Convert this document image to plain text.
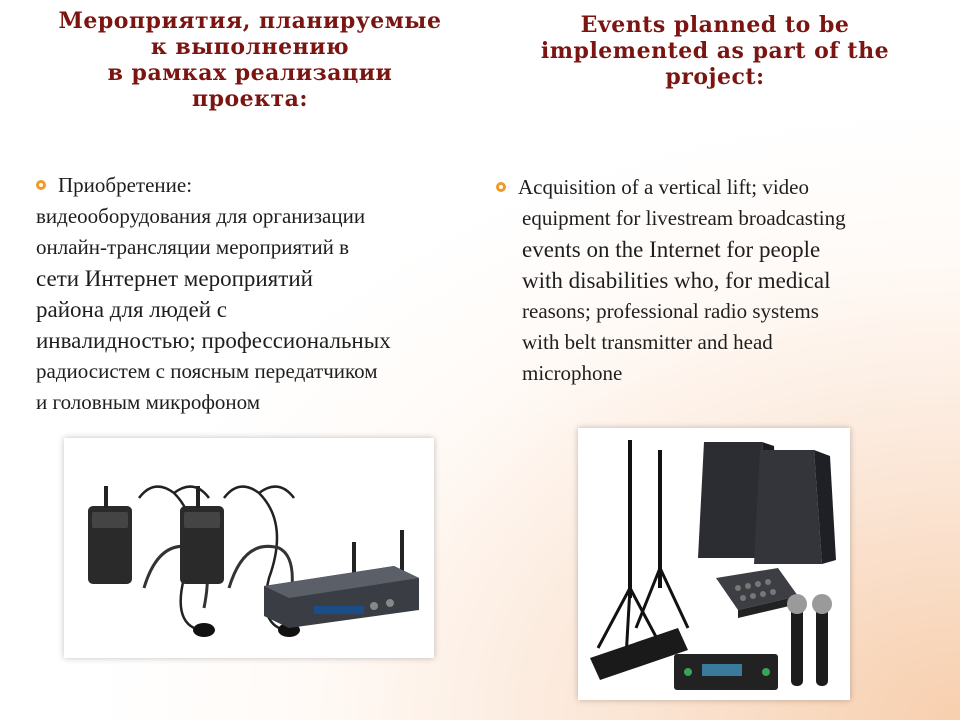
Мероприятия, планируемые
к выполнению
в рамках реализации
проекта:
Events planned to be
implemented as part of the
project:
Приобретение:
видеооборудования для организации
онлайн-трансляции мероприятий в
сети Интернет мероприятий
района для людей с
инвалидностью; профессиональных
радиосистем с поясным передатчиком
и головным микрофоном
Acquisition of a vertical lift; video
equipment for livestream broadcasting
events on the Internet for people
with disabilities who, for medical
reasons; professional radio systems
with belt transmitter and head
microphone
